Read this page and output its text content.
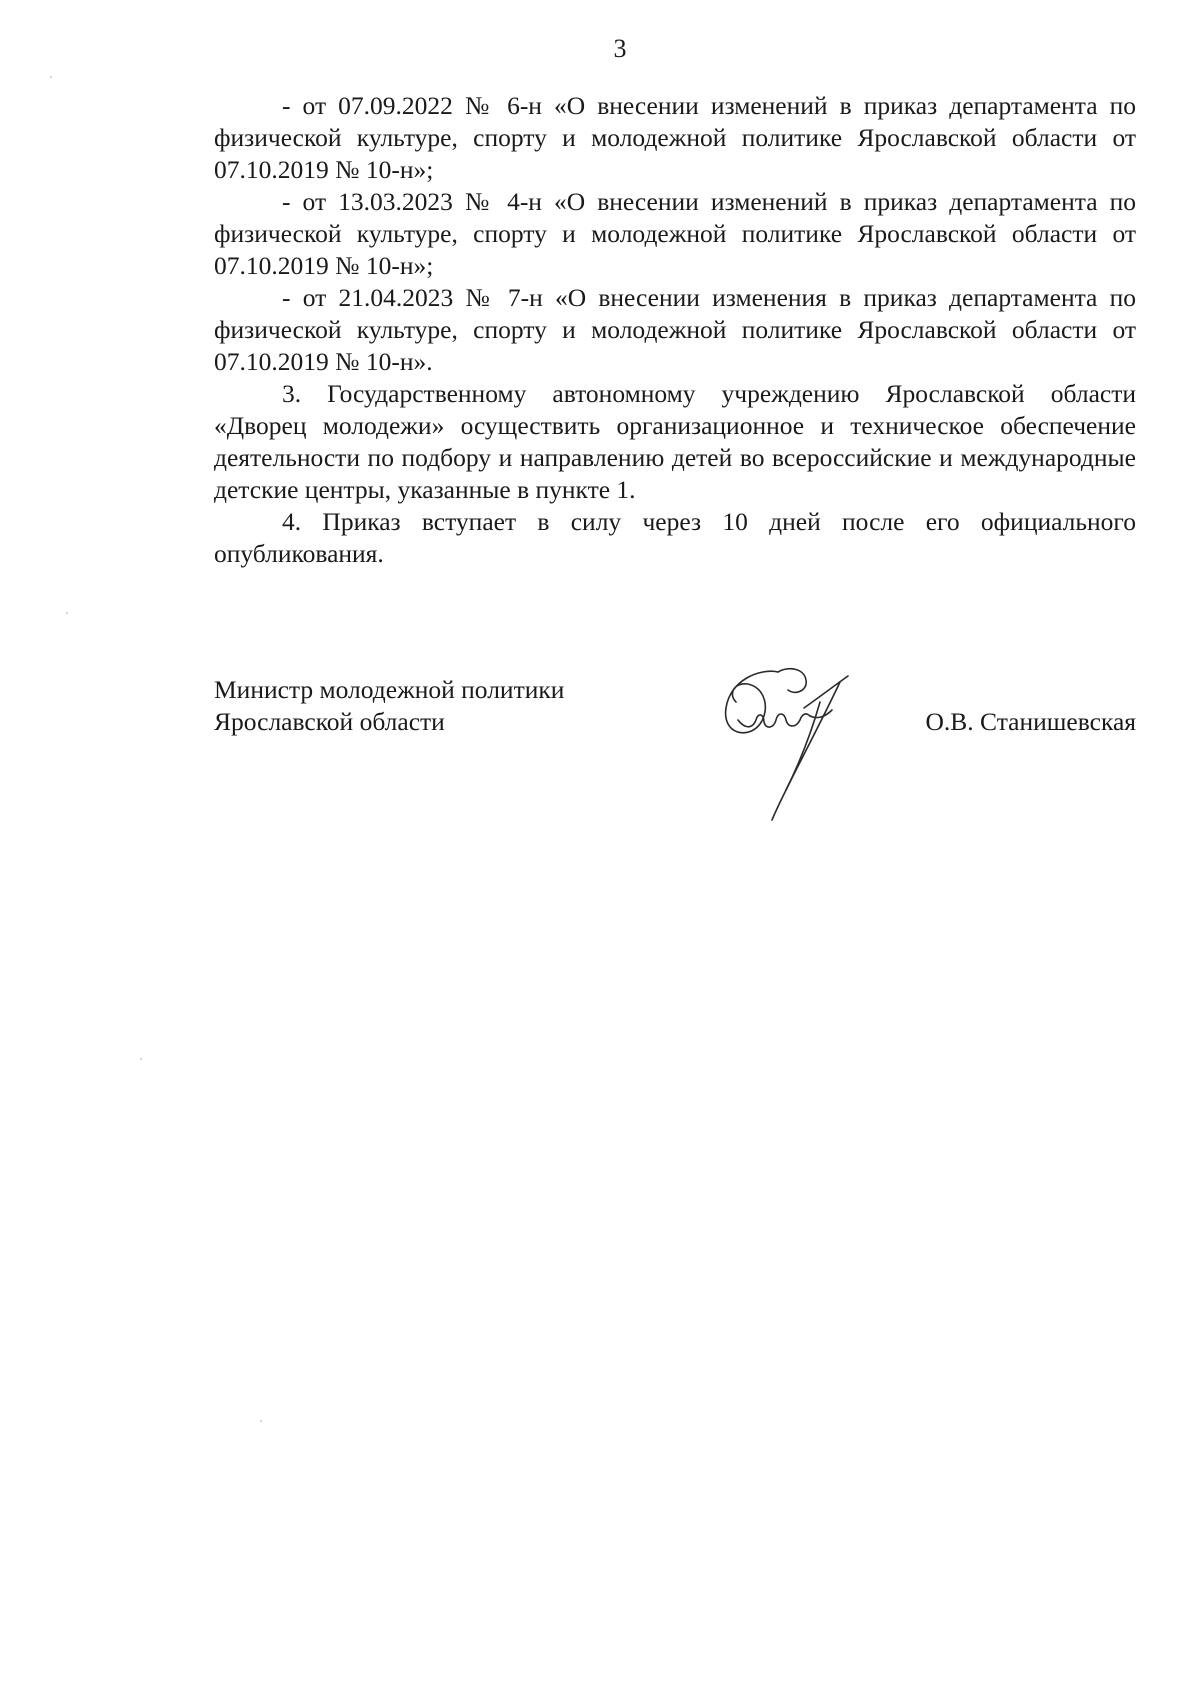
3

- от 07.09.2022 № 6-н «О внесении изменений в приказ департамента по физической культуре, спорту и молодежной политике Ярославской области от 07.10.2019 № 10-н»;

- от 13.03.2023 № 4-н «О внесении изменений в приказ департамента по физической культуре, спорту и молодежной политике Ярославской области от 07.10.2019 № 10-н»;

- от 21.04.2023 № 7-н «О внесении изменения в приказ департамента по физической культуре, спорту и молодежной политике Ярославской области от 07.10.2019 № 10-н».

3. Государственному автономному учреждению Ярославской области «Дворец молодежи» осуществить организационное и техническое обеспечение деятельности по подбору и направлению детей во всероссийские и международные детские центры, указанные в пункте 1.

4. Приказ вступает в силу через 10 дней после его официального опубликования.

Министр молодежной политики
Ярославской области	О.В. Станишевская
